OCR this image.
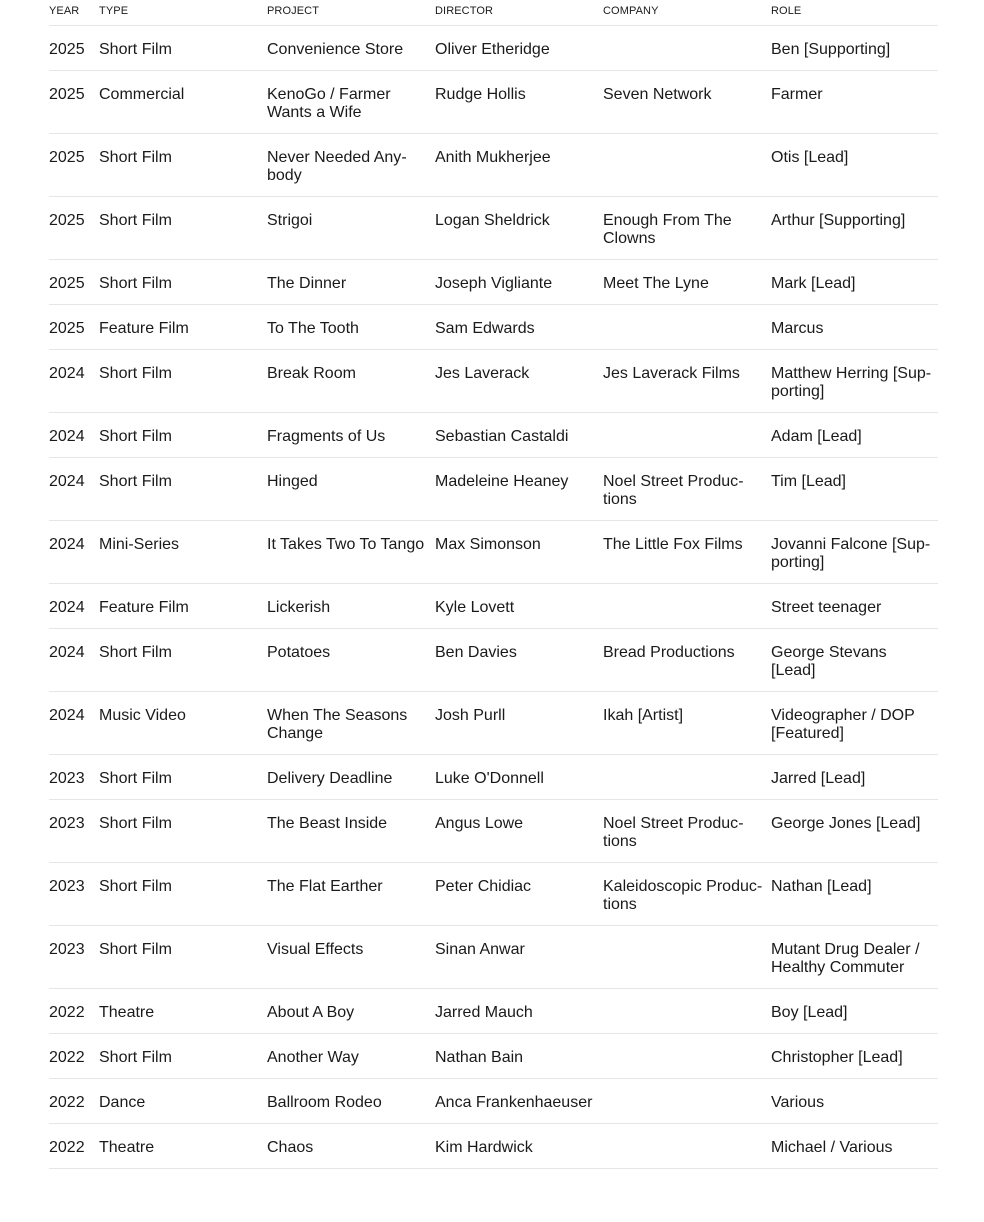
YEAR	TYPE	PROJECT	DIRECTOR	COMPANY	ROLE
2025	Short Film	Convenience Store	Oliver Etheridge		Ben [Supporting]
2025	Commercial	KenoGo / Farmer Wants a Wife	Rudge Hollis	Seven Network	Farmer
2025	Short Film	Never Needed Anybody	Anith Mukherjee		Otis [Lead]
2025	Short Film	Strigoi	Logan Sheldrick	Enough From The Clowns	Arthur [Supporting]
2025	Short Film	The Dinner	Joseph Vigliante	Meet The Lyne	Mark [Lead]
2025	Feature Film	To The Tooth	Sam Edwards		Marcus
2024	Short Film	Break Room	Jes Laverack	Jes Laverack Films	Matthew Herring [Supporting]
2024	Short Film	Fragments of Us	Sebastian Castaldi		Adam [Lead]
2024	Short Film	Hinged	Madeleine Heaney	Noel Street Productions	Tim [Lead]
2024	Mini-Series	It Takes Two To Tango	Max Simonson	The Little Fox Films	Jovanni Falcone [Supporting]
2024	Feature Film	Lickerish	Kyle Lovett		Street teenager
2024	Short Film	Potatoes	Ben Davies	Bread Productions	George Stevans [Lead]
2024	Music Video	When The Seasons Change	Josh Purll	Ikah [Artist]	Videographer / DOP [Featured]
2023	Short Film	Delivery Deadline	Luke O'Donnell		Jarred [Lead]
2023	Short Film	The Beast Inside	Angus Lowe	Noel Street Productions	George Jones [Lead]
2023	Short Film	The Flat Earther	Peter Chidiac	Kaleidoscopic Productions	Nathan [Lead]
2023	Short Film	Visual Effects	Sinan Anwar		Mutant Drug Dealer / Healthy Commuter
2022	Theatre	About A Boy	Jarred Mauch		Boy [Lead]
2022	Short Film	Another Way	Nathan Bain		Christopher [Lead]
2022	Dance	Ballroom Rodeo	Anca Frankenhaeuser		Various
2022	Theatre	Chaos	Kim Hardwick		Michael / Various
